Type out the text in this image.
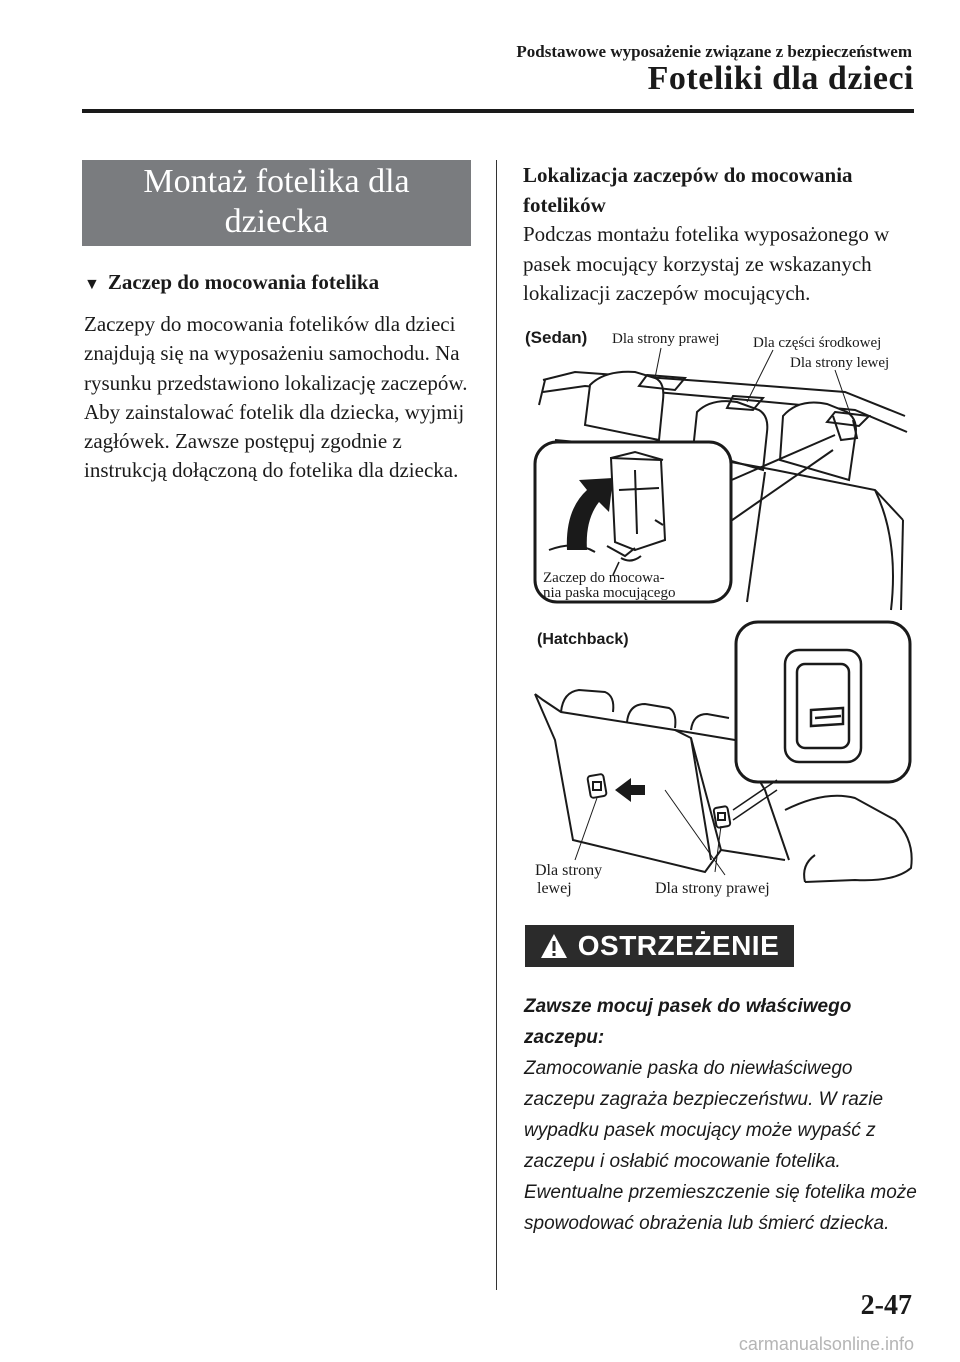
Podstawowe wyposażenie związane z bezpieczeństwem
Foteliki dla dzieci
Montaż fotelika dla
dziecka
▼ Zaczep do mocowania fotelika
Zaczepy do mocowania fotelików dla dzieci znajdują się na wyposażeniu samochodu. Na rysunku przedstawiono lokalizację zaczepów.
Aby zainstalować fotelik dla dziecka, wyjmij zagłówek. Zawsze postępuj zgodnie z instrukcją dołączoną do fotelika dla dziecka.
Lokalizacja zaczepów do mocowania fotelików
Podczas montażu fotelika wyposażonego w pasek mocujący korzystaj ze wskazanych lokalizacji zaczepów mocujących.
(Sedan) Dla strony prawej Dla części środkowej
Dla strony lewej
Zaczep do mocowa-
nia paska mocującego
(Hatchback)
Dla strony
lewej	Dla strony prawej
OSTRZEŻENIE
Zawsze mocuj pasek do właściwego zaczepu:
Zamocowanie paska do niewłaściwego zaczepu zagraża bezpieczeństwu. W razie wypadku pasek mocujący może wypaść z zaczepu i osłabić mocowanie fotelika. Ewentualne przemieszczenie się fotelika może spowodować obrażenia lub śmierć dziecka.
2-47
carmanualsonline.info
